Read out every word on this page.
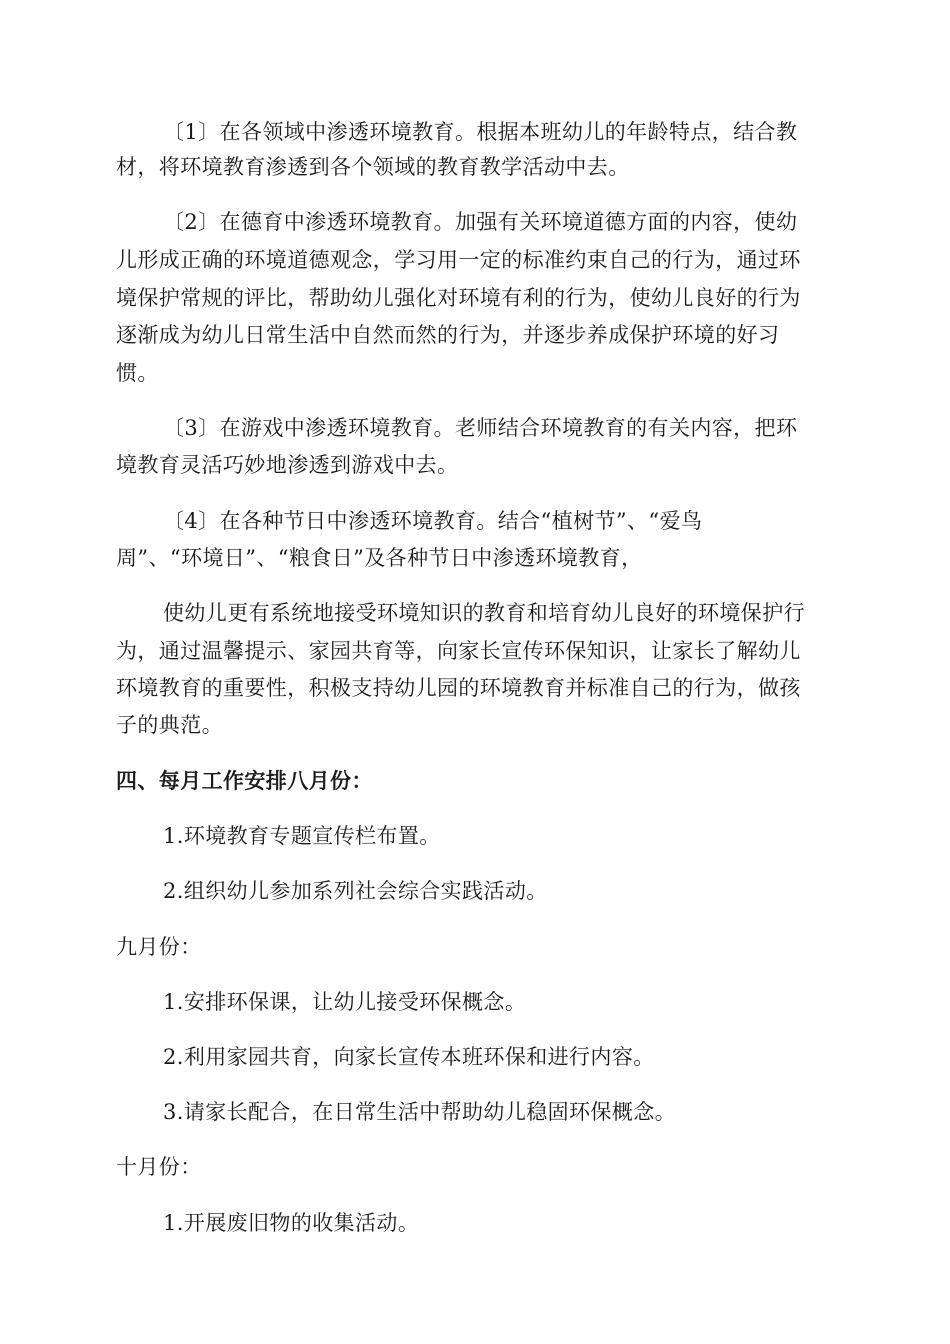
〔1〕在各领域中渗透环境教育。根据本班幼儿的年龄特点，结合教
材，将环境教育渗透到各个领域的教育教学活动中去。
〔2〕在德育中渗透环境教育。加强有关环境道德方面的内容，使幼
儿形成正确的环境道德观念，学习用一定的标准约束自己的行为，通过环
境保护常规的评比，帮助幼儿强化对环境有利的行为，使幼儿良好的行为
逐渐成为幼儿日常生活中自然而然的行为，并逐步养成保护环境的好习
惯。
〔3〕在游戏中渗透环境教育。老师结合环境教育的有关内容，把环
境教育灵活巧妙地渗透到游戏中去。
〔4〕在各种节日中渗透环境教育。结合“植树节”、“爱鸟
周”、“环境日”、“粮食日”及各种节日中渗透环境教育，
使幼儿更有系统地接受环境知识的教育和培育幼儿良好的环境保护行
为，通过温馨提示、家园共育等，向家长宣传环保知识，让家长了解幼儿
环境教育的重要性，积极支持幼儿园的环境教育并标准自己的行为，做孩
子的典范。
四、每月工作安排八月份：
1.环境教育专题宣传栏布置。
2.组织幼儿参加系列社会综合实践活动。
九月份：
1.安排环保课，让幼儿接受环保概念。
2.利用家园共育，向家长宣传本班环保和进行内容。
3.请家长配合，在日常生活中帮助幼儿稳固环保概念。
十月份：
1.开展废旧物的收集活动。
